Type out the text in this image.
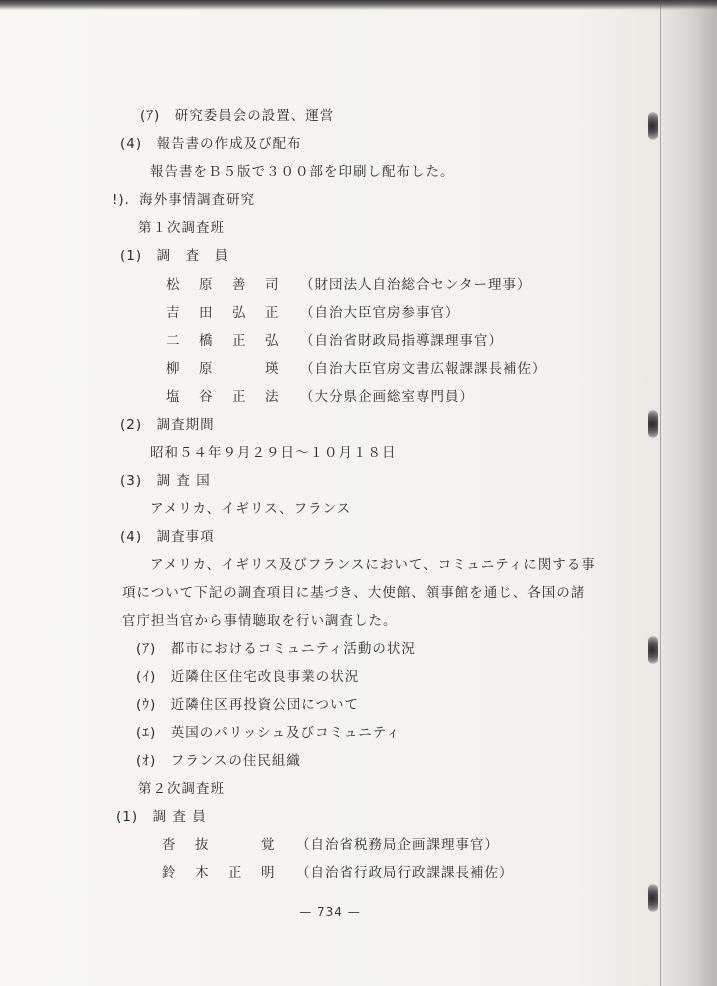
(ｱ)　研究委員会の設置、運営
(4)　報告書の作成及び配布
報告書をＢ５版で３００部を印刷し配布した。
!)．海外事情調査研究
第１次調査班
(1)　調　査　員
松　原　善　司 （財団法人自治総合センター理事）
吉　田　弘　正 （自治大臣官房参事官）
二　橋　正　弘 （自治省財政局指導課理事官）
柳　原　　　瑛 （自治大臣官房文書広報課課長補佐）
塩　谷　正　法 （大分県企画総室専門員）
(2)　調査期間
昭和５４年９月２９日～１０月１８日
(3)　調 査 国
アメリカ、イギリス、フランス
(4)　調査事項
アメリカ、イギリス及びフランスにおいて、コミュニティに関する事
項について下記の調査項目に基づき、大使館、領事館を通じ、各国の諸
官庁担当官から事情聴取を行い調査した。
(ｱ)　都市におけるコミュニティ活動の状況
(ｲ)　近隣住区住宅改良事業の状況
(ｳ)　近隣住区再投資公団について
(ｴ)　英国のパリッシュ及びコミュニティ
(ｵ)　フランスの住民組織
第２次調査班
(1)　調 査 員
沓　抜　　　覚 （自治省税務局企画課理事官）
鈴　木　正　明 （自治省行政局行政課課長補佐）
— 734 —
